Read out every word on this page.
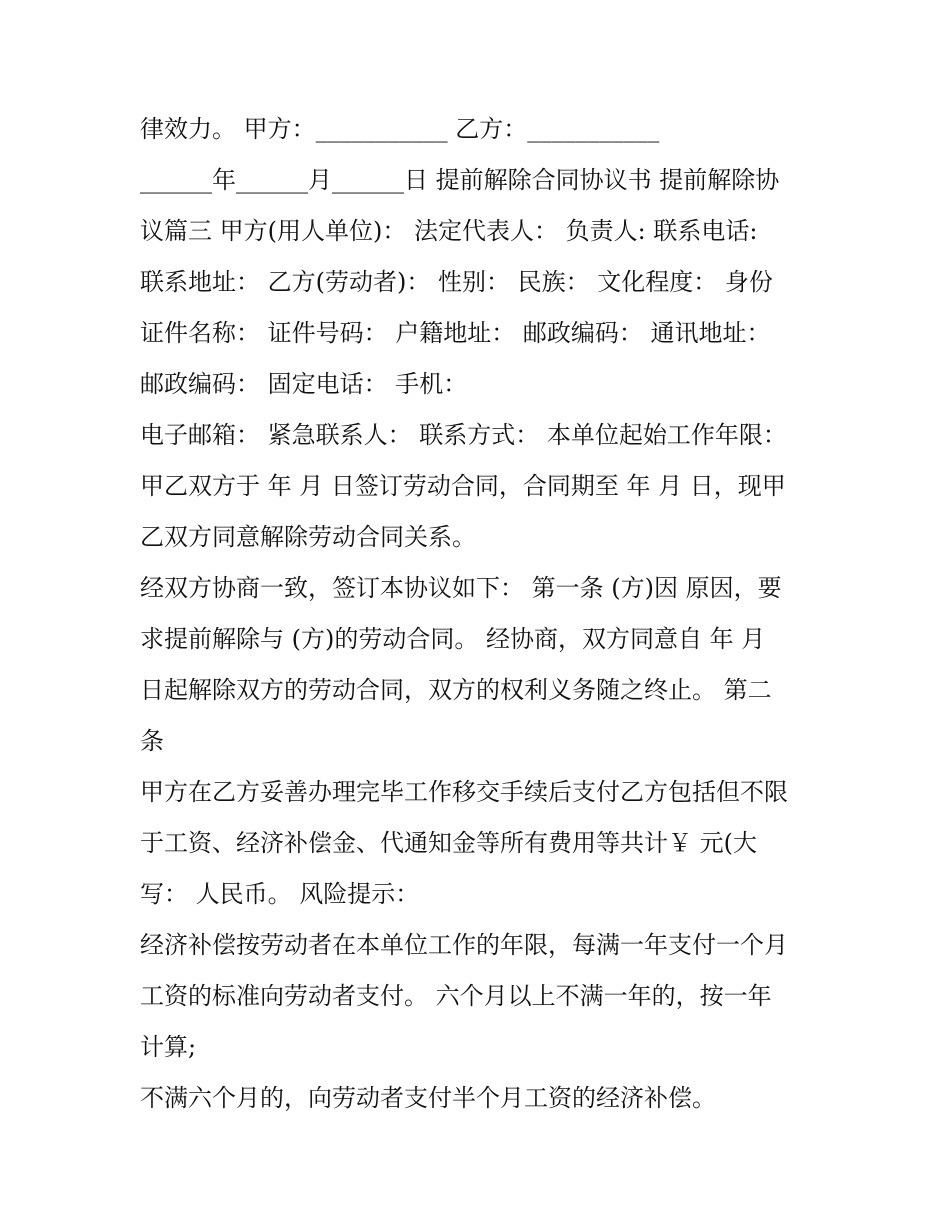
律效力。 甲方：___________ 乙方：___________
______年______月______日 提前解除合同协议书 提前解除协
议篇三 甲方(用人单位)： 法定代表人： 负责人: 联系电话:
联系地址： 乙方(劳动者)： 性别： 民族： 文化程度： 身份
证件名称： 证件号码： 户籍地址： 邮政编码： 通讯地址：
邮政编码： 固定电话： 手机：
电子邮箱： 紧急联系人： 联系方式： 本单位起始工作年限：
甲乙双方于 年 月 日签订劳动合同，合同期至 年 月 日，现甲
乙双方同意解除劳动合同关系。
经双方协商一致，签订本协议如下： 第一条 (方)因 原因，要
求提前解除与 (方)的劳动合同。 经协商，双方同意自 年 月
日起解除双方的劳动合同，双方的权利义务随之终止。 第二
条
甲方在乙方妥善办理完毕工作移交手续后支付乙方包括但不限
于工资、经济补偿金、代通知金等所有费用等共计￥ 元(大
写： 人民币。 风险提示：
经济补偿按劳动者在本单位工作的年限，每满一年支付一个月
工资的标准向劳动者支付。 六个月以上不满一年的，按一年
计算;
不满六个月的，向劳动者支付半个月工资的经济补偿。
